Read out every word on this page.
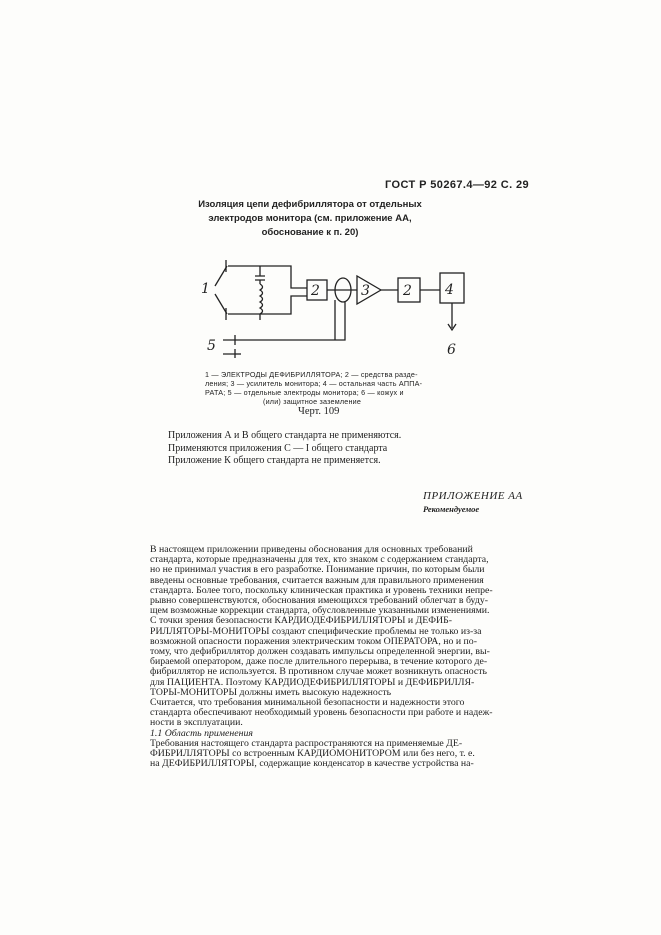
ГОСТ Р 50267.4—92 С. 29
Изоляция цепи дефибриллятора от отдельных
электродов монитора (см. приложение АА,
обоснование к п. 20)
1	2	3 2 4
5	6
1 — ЭЛЕКТРОДЫ ДЕФИБРИЛЛЯТОРА; 2 — средства разде-
ления; 3 — усилитель монитора; 4 — остальная часть АППА-
РАТА; 5 — отдельные электроды монитора; 6 — кожух и
(или) защитное заземление
Черт. 109
Приложения А и В общего стандарта не применяются.
Применяются приложения С — I общего стандарта
Приложение К общего стандарта не применяется.
ПРИЛОЖЕНИЕ АА
Рекомендуемое
В настоящем приложении приведены обоснования для основных требований
стандарта, которые предназначены для тех, кто знаком с содержанием стандарта,
но не принимал участия в его разработке. Понимание причин, по которым были
введены основные требования, считается важным для правильного применения
стандарта. Более того, поскольку клиническая практика и уровень техники непре-
рывно совершенствуются, обоснования имеющихся требований облегчат в буду-
щем возможные коррекции стандарта, обусловленные указанными изменениями.
С точки зрения безопасности КАРДИОДЕФИБРИЛЛЯТОРЫ и ДЕФИБ-
РИЛЛЯТОРЫ-МОНИТОРЫ создают специфические проблемы не только из-за
возможной опасности поражения электрическим током ОПЕРАТОРА, но и по-
тому, что дефибриллятор должен создавать импульсы определенной энергии, вы-
бираемой оператором, даже после длительного перерыва, в течение которого де-
фибриллятор не используется. В противном случае может возникнуть опасность
для ПАЦИЕНТА. Поэтому КАРДИОДЕФИБРИЛЛЯТОРЫ и ДЕФИБРИЛЛЯ-
ТОРЫ-МОНИТОРЫ должны иметь высокую надежность
Считается, что требования минимальной безопасности и надежности этого
стандарта обеспечивают необходимый уровень безопасности при работе и надеж-
ности в эксплуатации.
1.1 Область применения
Требования настоящего стандарта распространяются на применяемые ДЕ-
ФИБРИЛЛЯТОРЫ со встроенным КАРДИОМОНИТОРОМ или без него, т. е.
на ДЕФИБРИЛЛЯТОРЫ, содержащие конденсатор в качестве устройства на-
